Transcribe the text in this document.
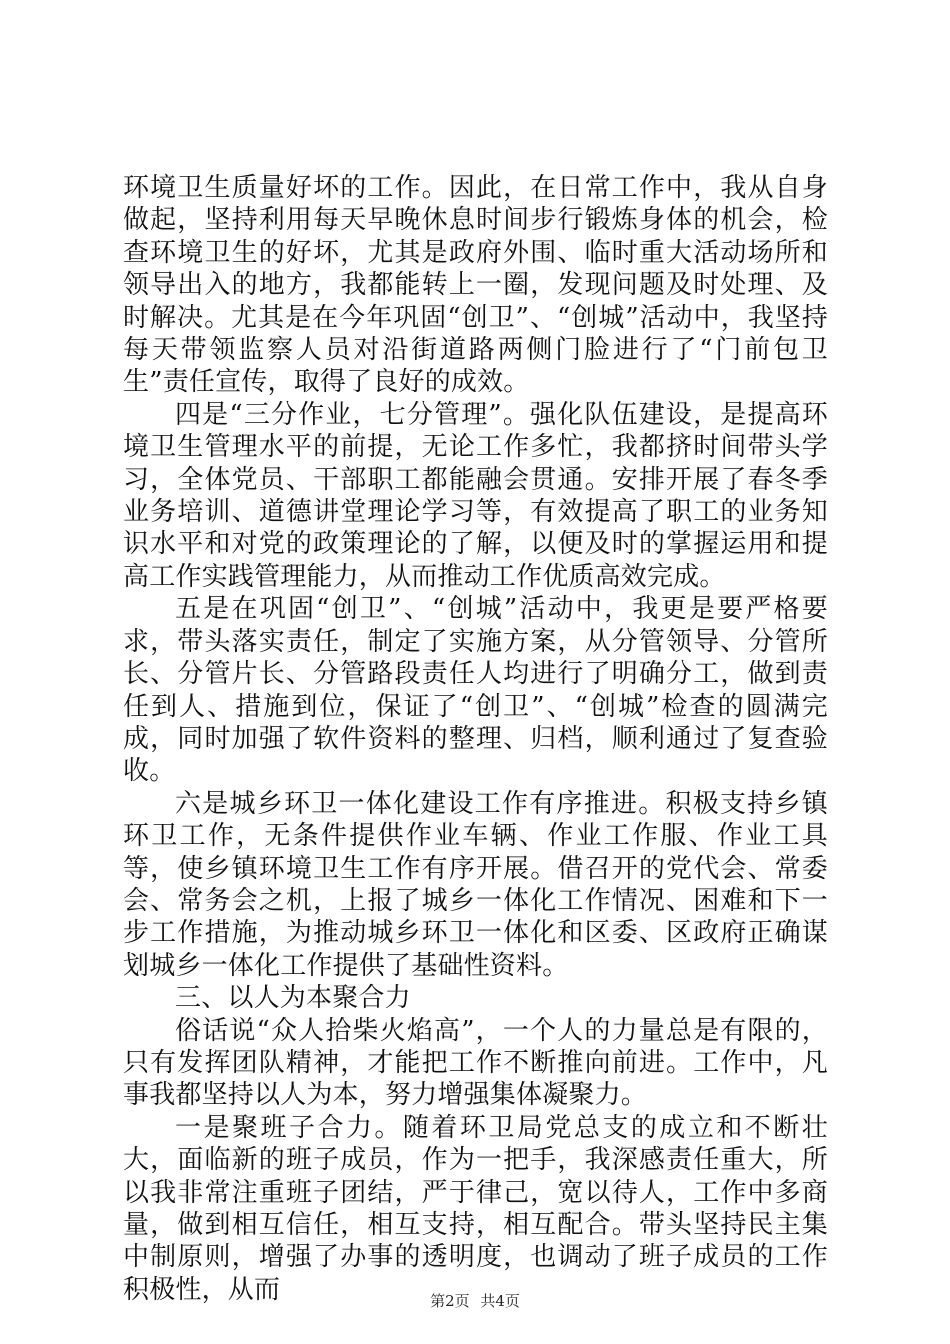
环境卫生质量好坏的工作。因此，在日常工作中，我从自身做起，坚持利用每天早晚休息时间步行锻炼身体的机会，检查环境卫生的好坏，尤其是政府外围、临时重大活动场所和领导出入的地方，我都能转上一圈，发现问题及时处理、及时解决。尤其是在今年巩固“创卫”、“创城”活动中，我坚持每天带领监察人员对沿街道路两侧门脸进行了“门前包卫生”责任宣传，取得了良好的成效。

四是“三分作业，七分管理”。强化队伍建设，是提高环境卫生管理水平的前提，无论工作多忙，我都挤时间带头学习，全体党员、干部职工都能融会贯通。安排开展了春冬季业务培训、道德讲堂理论学习等，有效提高了职工的业务知识水平和对党的政策理论的了解，以便及时的掌握运用和提高工作实践管理能力，从而推动工作优质高效完成。

五是在巩固“创卫”、“创城”活动中，我更是要严格要求，带头落实责任，制定了实施方案，从分管领导、分管所长、分管片长、分管路段责任人均进行了明确分工，做到责任到人、措施到位，保证了“创卫”、“创城”检查的圆满完成，同时加强了软件资料的整理、归档，顺利通过了复查验收。

六是城乡环卫一体化建设工作有序推进。积极支持乡镇环卫工作，无条件提供作业车辆、作业工作服、作业工具等，使乡镇环境卫生工作有序开展。借召开的党代会、常委会、常务会之机，上报了城乡一体化工作情况、困难和下一步工作措施，为推动城乡环卫一体化和区委、区政府正确谋划城乡一体化工作提供了基础性资料。

三、以人为本聚合力

俗话说“众人拾柴火焰高”，一个人的力量总是有限的，只有发挥团队精神，才能把工作不断推向前进。工作中，凡事我都坚持以人为本，努力增强集体凝聚力。

一是聚班子合力。随着环卫局党总支的成立和不断壮大，面临新的班子成员，作为一把手，我深感责任重大，所以我非常注重班子团结，严于律己，宽以待人，工作中多商量，做到相互信任，相互支持，相互配合。带头坚持民主集中制原则，增强了办事的透明度，也调动了班子成员的工作积极性，从而	第2页 共4页
